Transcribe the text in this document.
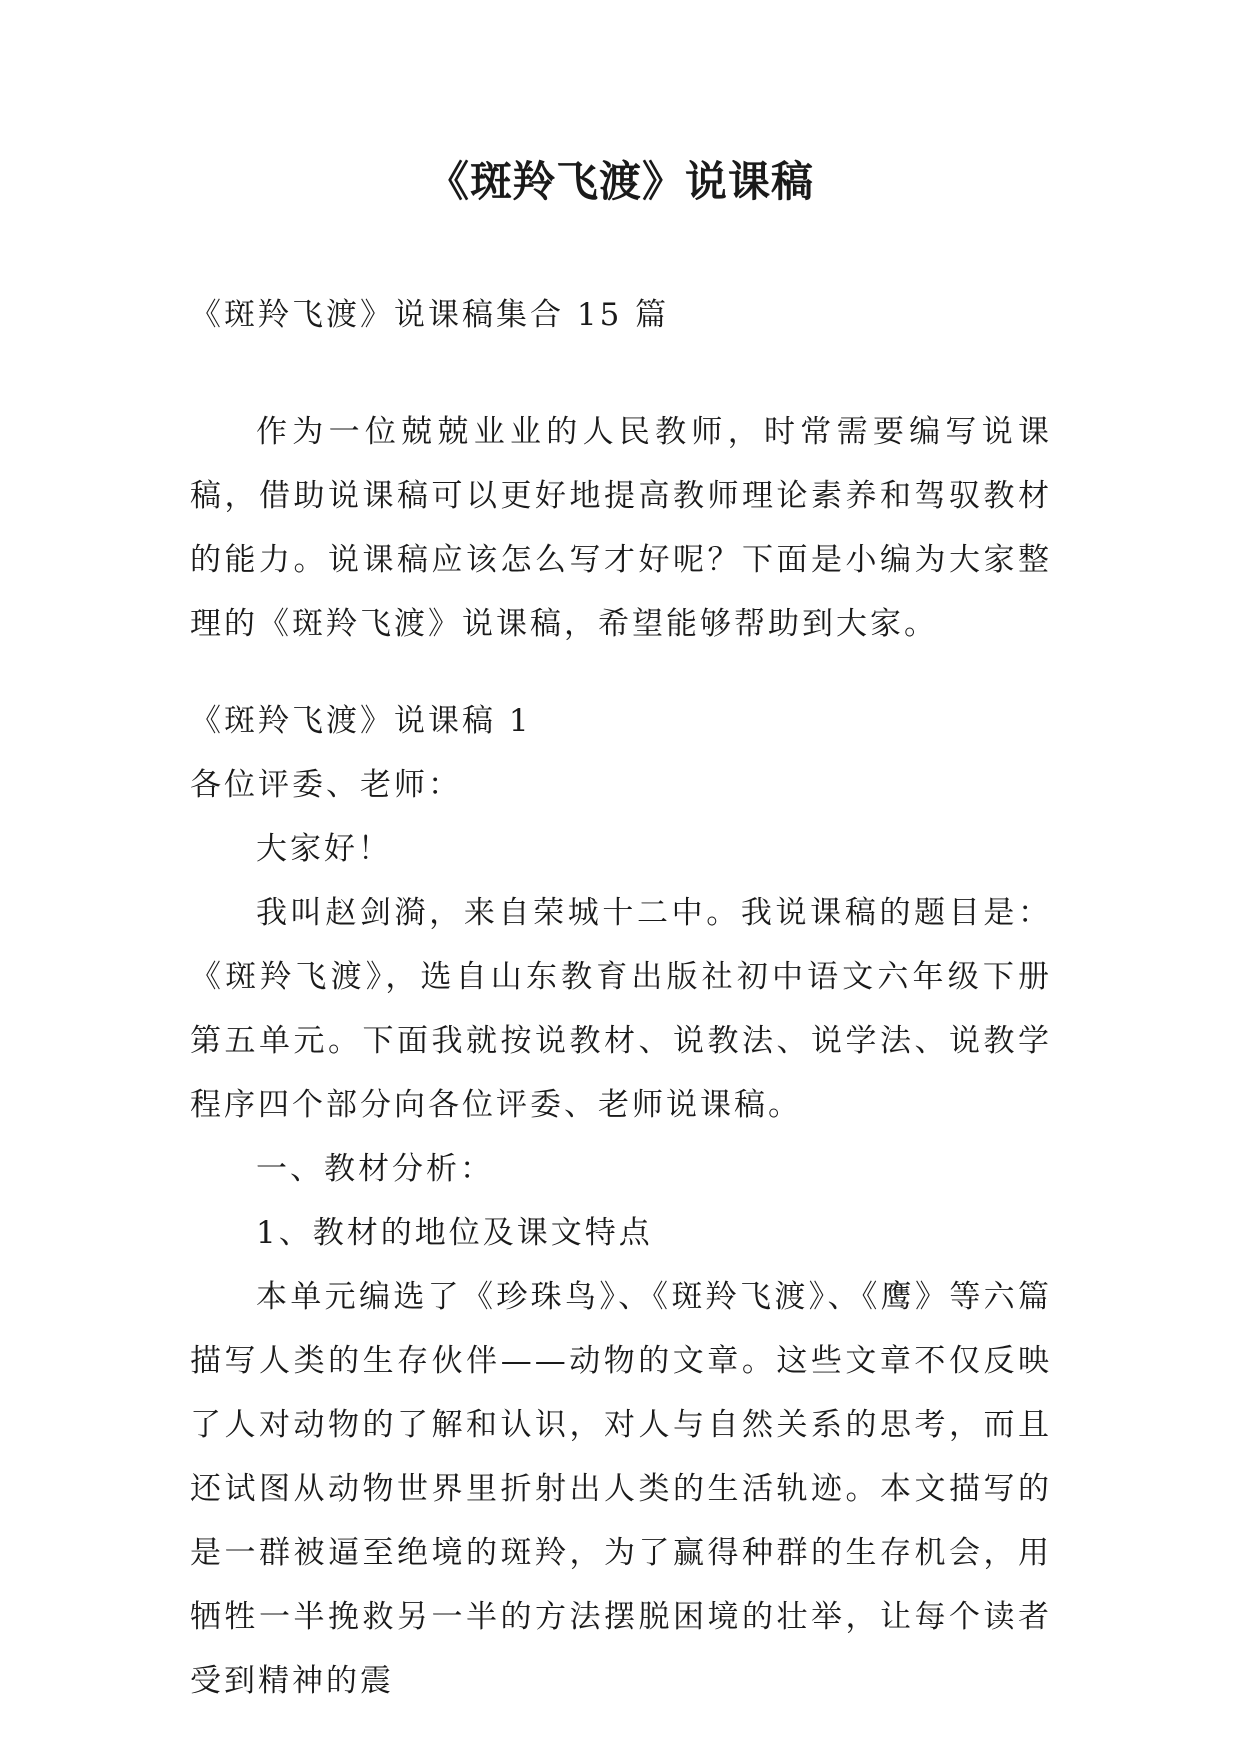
《斑羚飞渡》说课稿

《斑羚飞渡》说课稿集合 15 篇

作为一位兢兢业业的人民教师，时常需要编写说课稿，借助说课稿可以更好地提高教师理论素养和驾驭教材的能力。说课稿应该怎么写才好呢？下面是小编为大家整理的《斑羚飞渡》说课稿，希望能够帮助到大家。

《斑羚飞渡》说课稿 1

各位评委、老师：

大家好！

我叫赵剑漪，来自荣城十二中。我说课稿的题目是：《斑羚飞渡》，选自山东教育出版社初中语文六年级下册第五单元。下面我就按说教材、说教法、说学法、说教学程序四个部分向各位评委、老师说课稿。

一、教材分析：

1、教材的地位及课文特点

本单元编选了《珍珠鸟》、《斑羚飞渡》、《鹰》等六篇描写人类的生存伙伴——动物的文章。这些文章不仅反映了人对动物的了解和认识，对人与自然关系的思考，而且还试图从动物世界里折射出人类的生活轨迹。本文描写的是一群被逼至绝境的斑羚，为了赢得种群的生存机会，用牺牲一半挽救另一半的方法摆脱困境的壮举，让每个读者受到精神的震
